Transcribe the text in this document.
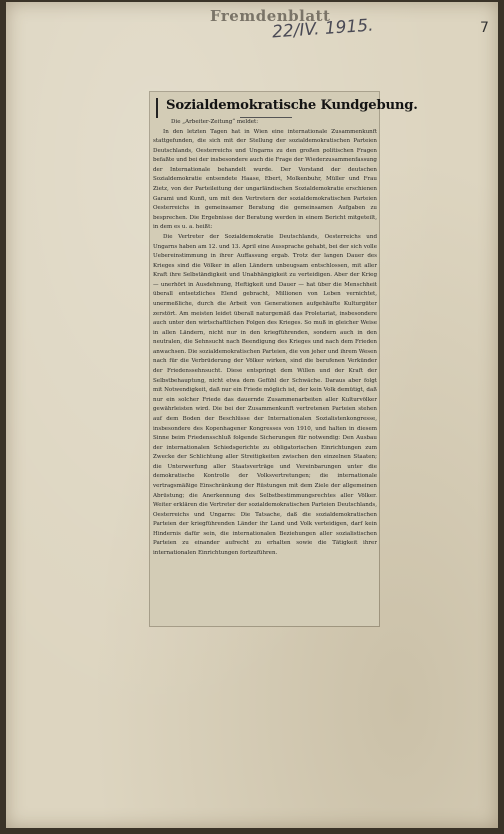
Fremdenblatt
22/IV. 1915.	7
Sozialdemokratische Kundgebung.

Die „Arbeiter-Zeitung“ meldet:

In den letzten Tagen hat in Wien eine internationale Zusammenkunft stattgefunden, die sich mit der Stellung der sozialdemokratischen Parteien Deutschlands, Oesterreichs und Ungarns zu den großen politischen Fragen befaßte und bei der insbesondere auch die Frage der Wiederzusammenfassung der Internationale behandelt wurde. Der Vorstand der deutschen Sozialdemokratie entsendete Haase, Ebert, Molkenbuhr, Müller und Frau Zietz, von der Parteileitung der ungarländischen Sozialdemokratie erschienen Garami und Kunfi, um mit den Vertretern der sozialdemokratischen Parteien Oesterreichs in gemeinsamer Beratung die gemeinsamen Aufgaben zu besprechen. Die Ergebnisse der Beratung werden in einem Bericht mitgeteilt, in dem es u. a. heißt:

Die Vertreter der Sozialdemokratie Deutschlands, Oesterreichs und Ungarns haben am 12. und 13. April eine Aussprache gehabt, bei der sich volle Uebereinstimmung in ihrer Auffassung ergab. Trotz der langen Dauer des Krieges sind die Völker in allen Ländern unbeugsam entschlossen, mit aller Kraft ihre Selbständigkeit und Unabhängigkeit zu verteidigen. Aber der Krieg — unerhört in Ausdehnung, Heftigkeit und Dauer — hat über die Menschheit überall entsetzliches Elend gebracht, Millionen von Leben vernichtet, unermeßliche, durch die Arbeit von Generationen aufgehäufte Kulturgüter zerstört. Am meisten leidet überall naturgemäß das Proletariat, insbesondere auch unter den wirtschaftlichen Folgen des Krieges. So muß in gleicher Weise in allen Ländern, nicht nur in den kriegführenden, sondern auch in den neutralen, die Sehnsucht nach Beendigung des Krieges und nach dem Frieden anwachsen. Die sozialdemokratischen Parteien, die von jeher und ihrem Wesen nach für die Verbrüderung der Völker wirken, sind die berufenen Verkünder der Friedenssehnsucht. Diese entspringt dem Willen und der Kraft der Selbstbehauptung, nicht etwa dem Gefühl der Schwäche. Daraus aber folgt mit Notwendigkeit, daß nur ein Friede möglich ist, der kein Volk demütigt, daß nur ein solcher Friede das dauernde Zusammenarbeiten aller Kulturvölker gewährleisten wird. Die bei der Zusammenkunft vertretenen Parteien stehen auf dem Boden der Beschlüsse der Internationalen Sozialistenkongresse, insbesondere des Kopenhagener Kongresses von 1910, und halten in diesem Sinne beim Friedensschluß folgende Sicherungen für notwendig: Den Ausbau der internationalen Schiedsgerichte zu obligatorischen Einrichtungen zum Zwecke der Schlichtung aller Streitigkeiten zwischen den einzelnen Staaten; die Unterwerfung aller Staatsverträge und Vereinbarungen unter die demokratische Kontrolle der Volksvertretungen; die internationale vertragsmäßige Einschränkung der Rüstungen mit dem Ziele der allgemeinen Abrüstung; die Anerkennung des Selbstbestimmungsrechtes aller Völker. Weiter erklären die Vertreter der sozialdemokratischen Parteien Deutschlands, Oesterreichs und Ungarns: Die Tatsache, daß die sozialdemokratischen Parteien der kriegführenden Länder ihr Land und Volk verteidigen, darf kein Hindernis dafür sein, die internationalen Beziehungen aller sozialistischen Parteien zu einander aufrecht zu erhalten sowie die Tätigkeit ihrer internationalen Einrichtungen fortzuführen.
